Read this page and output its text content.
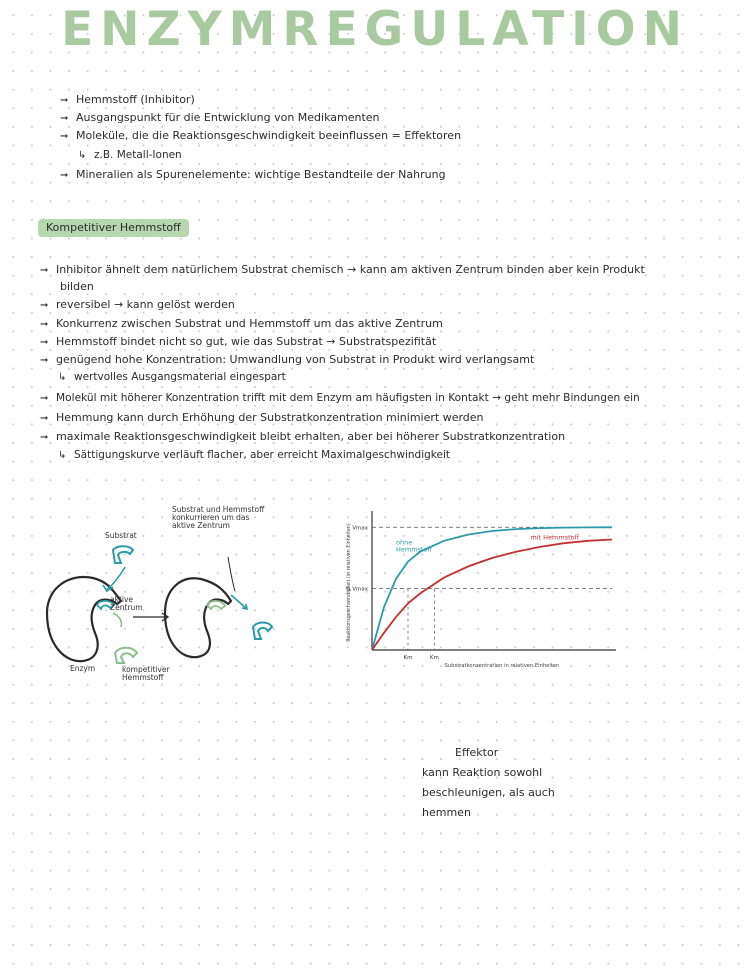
ENZYMREGULATION
➞ Hemmstoff (Inhibitor)
➞ Ausgangspunkt für die Entwicklung von Medikamenten
➞ Moleküle, die die Reaktionsgeschwindigkeit beeinflussen = Effektoren
↳ z.B. Metall-Ionen
➞ Mineralien als Spurenelemente: wichtige Bestandteile der Nahrung
Kompetitiver Hemmstoff
➞ Inhibitor ähnelt dem natürlichem Substrat chemisch → kann am aktiven Zentrum binden aber kein Produkt
bilden
➞ reversibel → kann gelöst werden
➞ Konkurrenz zwischen Substrat und Hemmstoff um das aktive Zentrum
➞ Hemmstoff bindet nicht so gut, wie das Substrat → Substratspezifität
➞ genügend hohe Konzentration: Umwandlung von Substrat in Produkt wird verlangsamt
↳ wertvolles Ausgangsmaterial eingespart
➞ Molekül mit höherer Konzentration trifft mit dem Enzym am häufigsten in Kontakt → geht mehr Bindungen ein
➞ Hemmung kann durch Erhöhung der Substratkonzentration minimiert werden
➞ maximale Reaktionsgeschwindigkeit bleibt erhalten, aber bei höherer Substratkonzentration
↳ Sättigungskurve verläuft flacher, aber erreicht Maximalgeschwindigkeit
Substrat
aktive
Zentrum
Enzym	kompetitiver
Hemmstoff
Substrat und Hemmstoff
konkurrieren um das
aktive Zentrum	Vmax
½ Vmax
Km	Km
ohne Hemmstoff
mit Hemmstoff
Substratkonzentration in relativen Einheiten
Reaktionsgeschwindigkeit (in relativen Einheiten)
Effektor
kann Reaktion sowohl
beschleunigen, als auch
hemmen
